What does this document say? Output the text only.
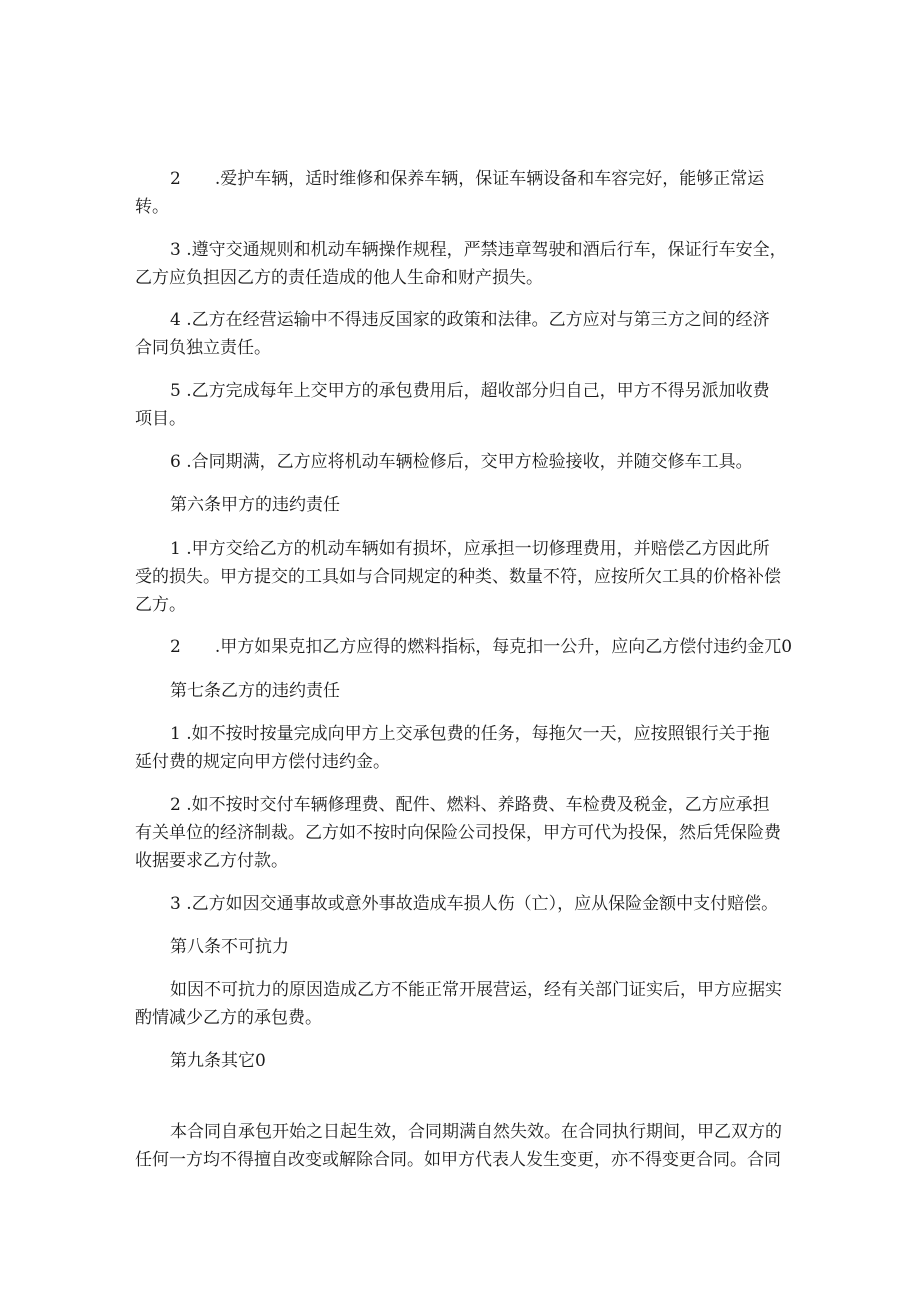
2　　.爱护车辆，适时维修和保养车辆，保证车辆设备和车容完好，能够正常运
转。
3 .遵守交通规则和机动车辆操作规程，严禁违章驾驶和酒后行车，保证行车安全，
乙方应负担因乙方的责任造成的他人生命和财产损失。
4 .乙方在经营运输中不得违反国家的政策和法律。乙方应对与第三方之间的经济
合同负独立责任。
5 .乙方完成每年上交甲方的承包费用后，超收部分归自己，甲方不得另派加收费
项目。
6 .合同期满，乙方应将机动车辆检修后，交甲方检验接收，并随交修车工具。
第六条甲方的违约责任
1 .甲方交给乙方的机动车辆如有损坏，应承担一切修理费用，并赔偿乙方因此所
受的损失。甲方提交的工具如与合同规定的种类、数量不符，应按所欠工具的价格补偿
乙方。
2　　.甲方如果克扣乙方应得的燃料指标，每克扣一公升，应向乙方偿付违约金兀0
第七条乙方的违约责任
1 .如不按时按量完成向甲方上交承包费的任务，每拖欠一天，应按照银行关于拖
延付费的规定向甲方偿付违约金。
2 .如不按时交付车辆修理费、配件、燃料、养路费、车检费及税金，乙方应承担
有关单位的经济制裁。乙方如不按时向保险公司投保，甲方可代为投保，然后凭保险费
收据要求乙方付款。
3 .乙方如因交通事故或意外事故造成车损人伤（亡），应从保险金额中支付赔偿。
第八条不可抗力
如因不可抗力的原因造成乙方不能正常开展营运，经有关部门证实后，甲方应据实
酌情减少乙方的承包费。
第九条其它0
本合同自承包开始之日起生效，合同期满自然失效。在合同执行期间，甲乙双方的
任何一方均不得擅自改变或解除合同。如甲方代表人发生变更，亦不得变更合同。合同
